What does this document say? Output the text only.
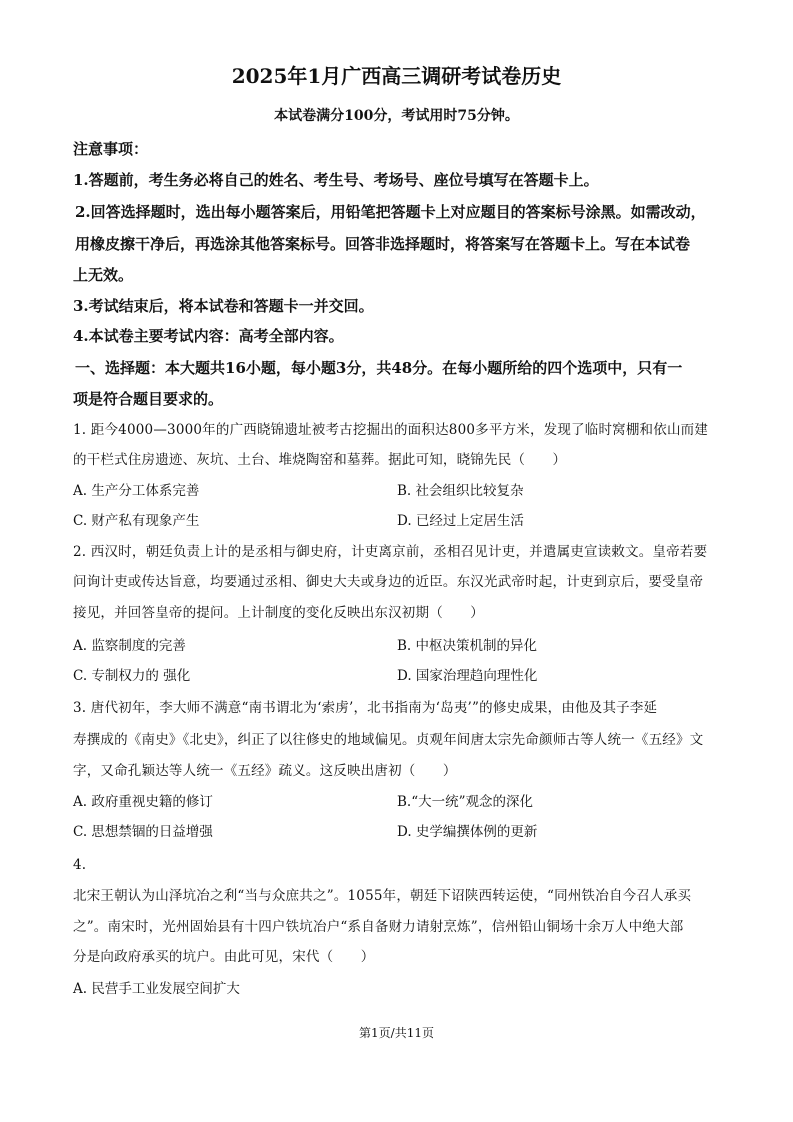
2025年1月广西高三调研考试卷历史
本试卷满分100分，考试用时75分钟。
注意事项：
1.答题前，考生务必将自己的姓名、考生号、考场号、座位号填写在答题卡上。
2.回答选择题时，选出每小题答案后，用铅笔把答题卡上对应题目的答案标号涂黑。如需改动，
用橡皮擦干净后，再选涂其他答案标号。回答非选择题时，将答案写在答题卡上。写在本试卷
上无效。
3.考试结束后，将本试卷和答题卡一并交回。
4.本试卷主要考试内容：高考全部内容。
一、选择题：本大题共16小题，每小题3分，共48分。在每小题所给的四个选项中，只有一
项是符合题目要求的。
1. 距今4000—3000年的广西晓锦遗址被考古挖掘出的面积达800多平方米，发现了临时窝棚和依山而建
的干栏式住房遗迹、灰坑、土台、堆烧陶窑和墓葬。据此可知，晓锦先民（　　）
A. 生产分工体系完善	B. 社会组织比较复杂
C. 财产私有现象产生	D. 已经过上定居生活
2. 西汉时，朝廷负责上计的是丞相与御史府，计吏离京前，丞相召见计吏，并遣属吏宣读敕文。皇帝若要
问询计吏或传达旨意，均要通过丞相、御史大夫或身边的近臣。东汉光武帝时起，计吏到京后，要受皇帝
接见，并回答皇帝的提问。上计制度的变化反映出东汉初期（　　）
A. 监察制度的完善	B. 中枢决策机制的异化
C. 专制权力的 强化	D. 国家治理趋向理性化
3. 唐代初年，李大师不满意“南书谓北为‘索虏’，北书指南为‘岛夷’”的修史成果，由他及其子李延
寿撰成的《南史》《北史》，纠正了以往修史的地域偏见。贞观年间唐太宗先命颜师古等人统一《五经》文
字，又命孔颖达等人统一《五经》疏义。这反映出唐初（　　）
A. 政府重视史籍的修订	B.“大一统”观念的深化
C. 思想禁锢的日益增强	D. 史学编撰体例的更新
4.
北宋王朝认为山泽坑冶之利“当与众庶共之”。1055年，朝廷下诏陕西转运使，“同州铁冶自今召人承买
之”。南宋时，光州固始县有十四户铁坑冶户“系自备财力请射烹炼”，信州铅山铜场十余万人中绝大部
分是向政府承买的坑户。由此可见，宋代（　　）
A. 民营手工业发展空间扩大
第1页/共11页
